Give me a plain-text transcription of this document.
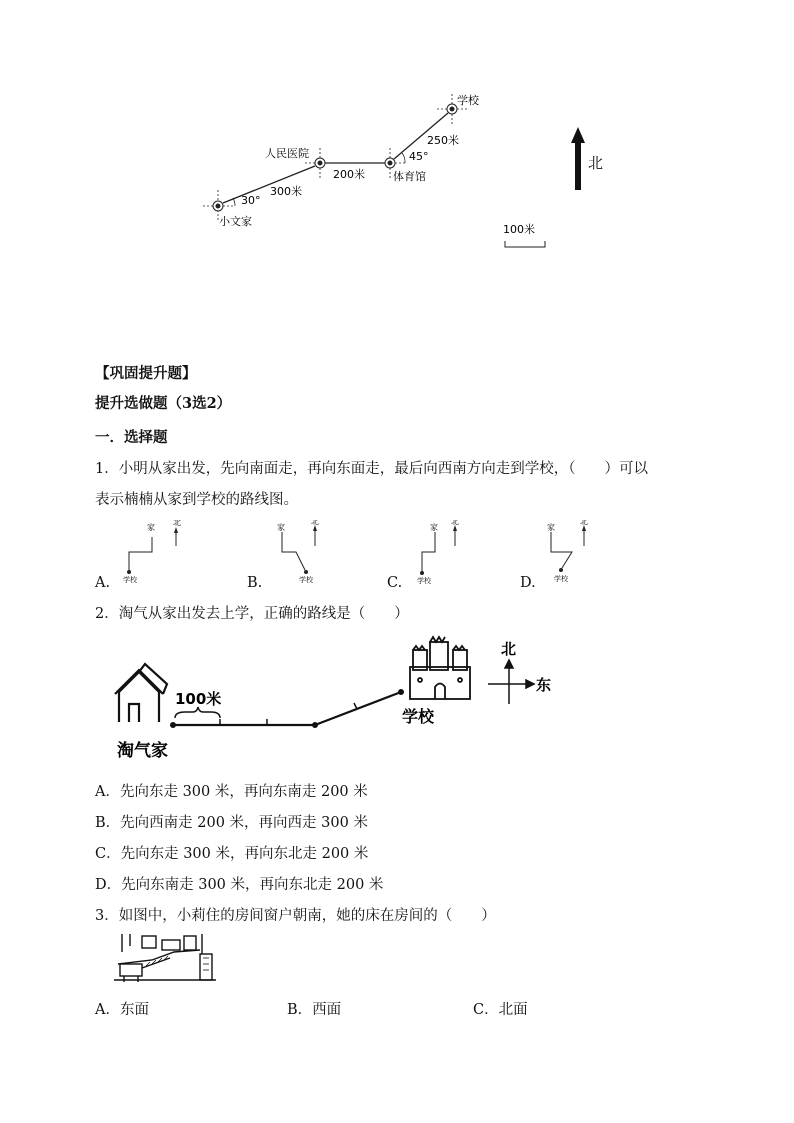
小文家
人民医院
体育馆
学校
300米
200米
250米
30°
45°
100米
北
【巩固提升题】
提升选做题（3选2）
一．选择题
1．小明从家出发，先向南面走，再向东面走，最后向西南方向走到学校，（　　）可以
表示楠楠从家到学校的路线图。
家
北
学校
A.
家
北
学校
B.
家
北
学校
C.
家
北
学校
D.
2．淘气从家出发去上学，正确的路线是（　　）
淘气家
100米
学校
北
东
A．先向东走 300 米，再向东南走 200 米
B．先向西南走 200 米，再向西走 300 米
C．先向东走 300 米，再向东北走 200 米
D．先向东南走 300 米，再向东北走 200 米
3．如图中，小莉住的房间窗户朝南，她的床在房间的（　　）
A．东面	B．西面	C．北面
